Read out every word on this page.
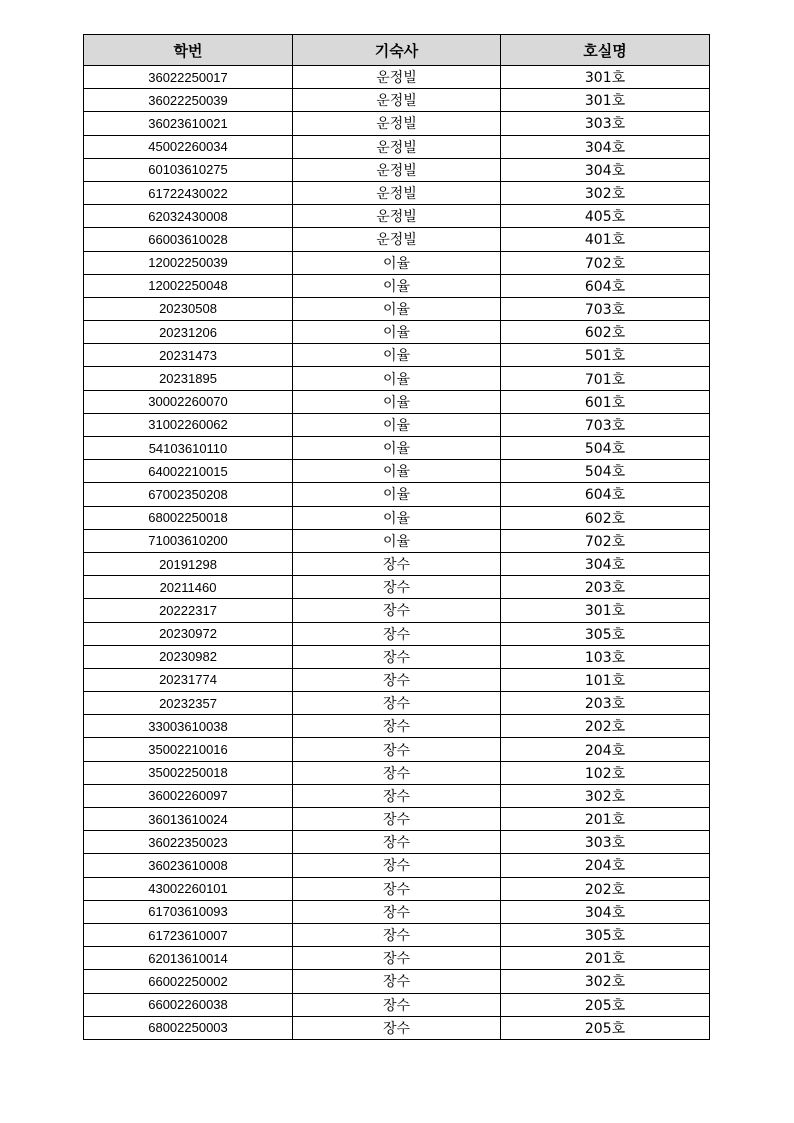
학번	기숙사	호실명
36022250017	운정빌	301호
36022250039	운정빌	301호
36023610021	운정빌	303호
45002260034	운정빌	304호
60103610275	운정빌	304호
61722430022	운정빌	302호
62032430008	운정빌	405호
66003610028	운정빌	401호
12002250039	이율	702호
12002250048	이율	604호
20230508	이율	703호
20231206	이율	602호
20231473	이율	501호
20231895	이율	701호
30002260070	이율	601호
31002260062	이율	703호
54103610110	이율	504호
64002210015	이율	504호
67002350208	이율	604호
68002250018	이율	602호
71003610200	이율	702호
20191298	장수	304호
20211460	장수	203호
20222317	장수	301호
20230972	장수	305호
20230982	장수	103호
20231774	장수	101호
20232357	장수	203호
33003610038	장수	202호
35002210016	장수	204호
35002250018	장수	102호
36002260097	장수	302호
36013610024	장수	201호
36022350023	장수	303호
36023610008	장수	204호
43002260101	장수	202호
61703610093	장수	304호
61723610007	장수	305호
62013610014	장수	201호
66002250002	장수	302호
66002260038	장수	205호
68002250003	장수	205호
